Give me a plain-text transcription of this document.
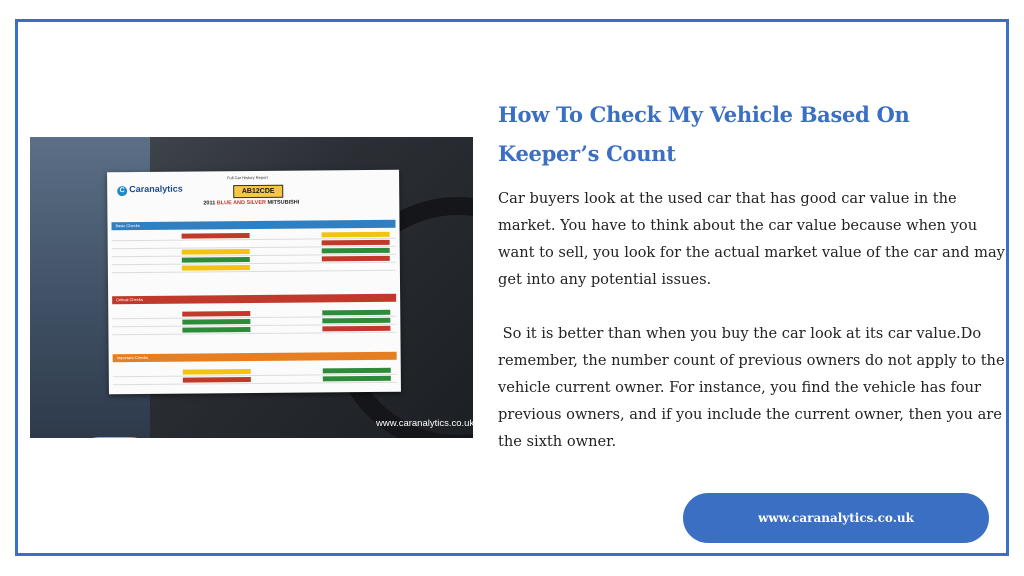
Full Car History Report
C Caranalytics	AB12CDE
2011 BLUE AND SILVER MITSUBISHI
Basic Checks
Critical Checks
Important Checks
www.caranalytics.co.uk
How To Check My Vehicle Based On
Keeper’s Count
Car buyers look at the used car that has good car value in the market. You have to think about the car value because when you want to sell, you look for the actual market value of the car and may get into any potential issues.

So it is better than when you buy the car look at its car value.Do remember, the number count of previous owners do not apply to the vehicle current owner. For instance, you find the vehicle has four previous owners, and if you include the current owner, then you are the sixth owner.
www.caranalytics.co.uk
